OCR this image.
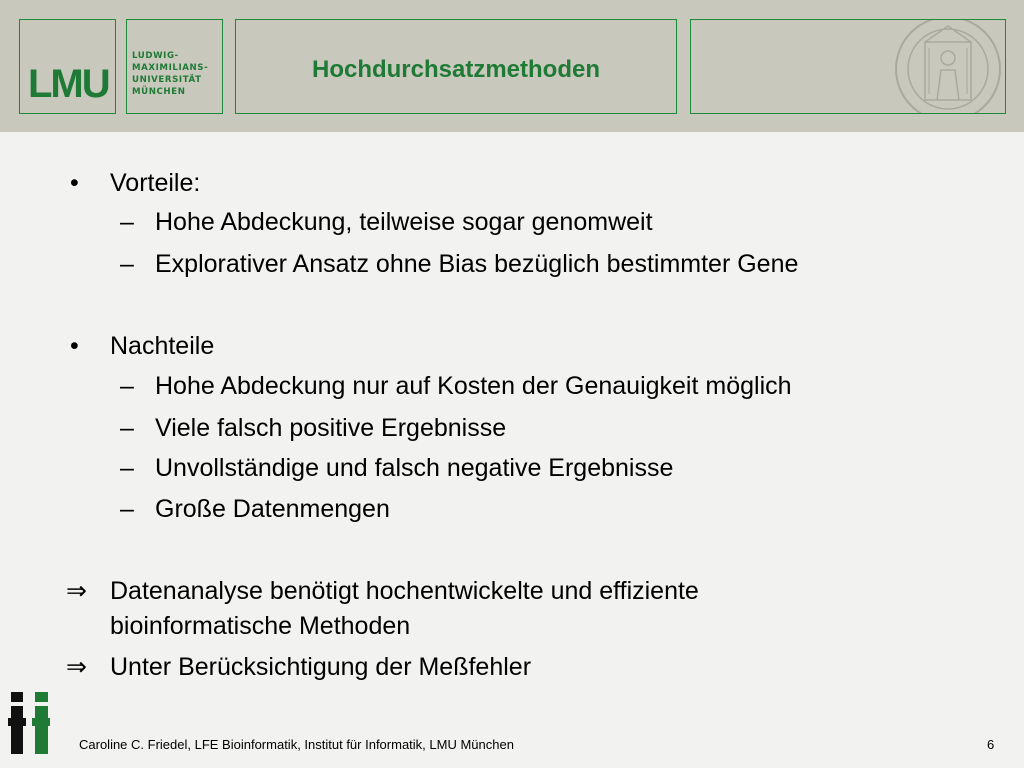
LMU
LUDWIG-
MAXIMILIANS-
UNIVERSITÄT
MÜNCHEN
Hochdurchsatzmethoden
• Vorteile:
– Hohe Abdeckung, teilweise sogar genomweit
– Explorativer Ansatz ohne Bias bezüglich bestimmter Gene
• Nachteile
– Hohe Abdeckung nur auf Kosten der Genauigkeit möglich
– Viele falsch positive Ergebnisse
– Unvollständige und falsch negative Ergebnisse
– Große Datenmengen
⇒ Datenanalyse benötigt hochentwickelte und effiziente
bioinformatische Methoden
⇒ Unter Berücksichtigung der Meßfehler
Caroline C. Friedel, LFE Bioinformatik, Institut für Informatik, LMU München	6
